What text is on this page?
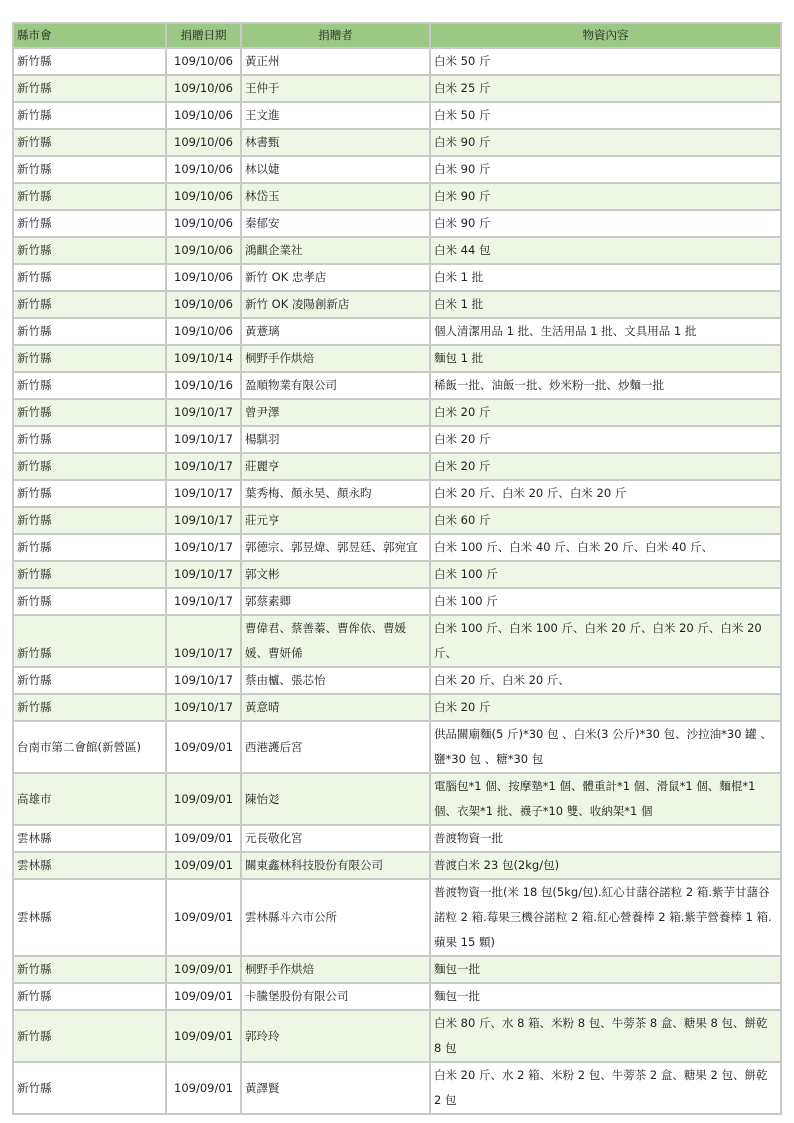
縣市會	捐贈日期	捐贈者	物資內容
新竹縣	109/10/06	黃正州	白米 50 斤
新竹縣	109/10/06	王仲于	白米 25 斤
新竹縣	109/10/06	王文進	白米 50 斤
新竹縣	109/10/06	林書甄	白米 90 斤
新竹縣	109/10/06	林以婕	白米 90 斤
新竹縣	109/10/06	林岱玉	白米 90 斤
新竹縣	109/10/06	秦郁安	白米 90 斤
新竹縣	109/10/06	鴻麒企業社	白米 44 包
新竹縣	109/10/06	新竹 OK 忠孝店	白米 1 批
新竹縣	109/10/06	新竹 OK 凌陽創新店	白米 1 批
新竹縣	109/10/06	黃薏璃	個人清潔用品 1 批、生活用品 1 批、文具用品 1 批
新竹縣	109/10/14	桐野手作烘焙	麵包 1 批
新竹縣	109/10/16	盈順物業有限公司	稀飯一批、油飯一批、炒米粉一批、炒麵一批
新竹縣	109/10/17	曾尹澤	白米 20 斤
新竹縣	109/10/17	楊騏羽	白米 20 斤
新竹縣	109/10/17	莊麗亨	白米 20 斤
新竹縣	109/10/17	葉秀梅、顏永昊、顏永昀	白米 20 斤、白米 20 斤、白米 20 斤
新竹縣	109/10/17	莊元亨	白米 60 斤
新竹縣	109/10/17	郭德宗、郭昱煒、郭昱廷、郭宛宜	白米 100 斤、白米 40 斤、白米 20 斤、白米 40 斤、
新竹縣	109/10/17	郭文彬	白米 100 斤
新竹縣	109/10/17	郭蔡素卿	白米 100 斤
新竹縣	109/10/17	曹偉君、蔡善蓁、曹侔依、曹媛媛、曹妍俙	白米 100 斤、白米 100 斤、白米 20 斤、白米 20 斤、白米 20 斤、
新竹縣	109/10/17	蔡由櫨、張芯怡	白米 20 斤、白米 20 斤、
新竹縣	109/10/17	黃意晴	白米 20 斤
台南市第二會館(新營區)	109/09/01	西港護后宮	供品關廟麵(5 斤)*30 包 、白米(3 公斤)*30 包、沙拉油*30 罐 、鹽*30 包 、糖*30 包
高雄市	109/09/01	陳怡彣	電腦包*1 個、按摩墊*1 個、體重計*1 個、滑鼠*1 個、麵棍*1 個、衣架*1 批、襪子*10 雙、收納架*1 個
雲林縣	109/09/01	元長敬化宮	普渡物資一批
雲林縣	109/09/01	關東鑫林科技股份有限公司	普渡白米 23 包(2kg/包)
雲林縣	109/09/01	雲林縣斗六市公所	普渡物資一批(米 18 包(5kg/包).紅心甘藷谷諾粒 2 箱.紫芋甘藷谷諾粒 2 箱.莓果三機谷諾粒 2 箱.紅心營養棒 2 箱.紫芋營養棒 1 箱.蘋果 15 顆)
新竹縣	109/09/01	桐野手作烘焙	麵包一批
新竹縣	109/09/01	卡騰堡股份有限公司	麵包一批
新竹縣	109/09/01	郭玲玲	白米 80 斤、水 8 箱、米粉 8 包、牛蒡茶 8 盒、糖果 8 包、餅乾 8 包
新竹縣	109/09/01	黃譯賢	白米 20 斤、水 2 箱、米粉 2 包、牛蒡茶 2 盒、糖果 2 包、餅乾 2 包
